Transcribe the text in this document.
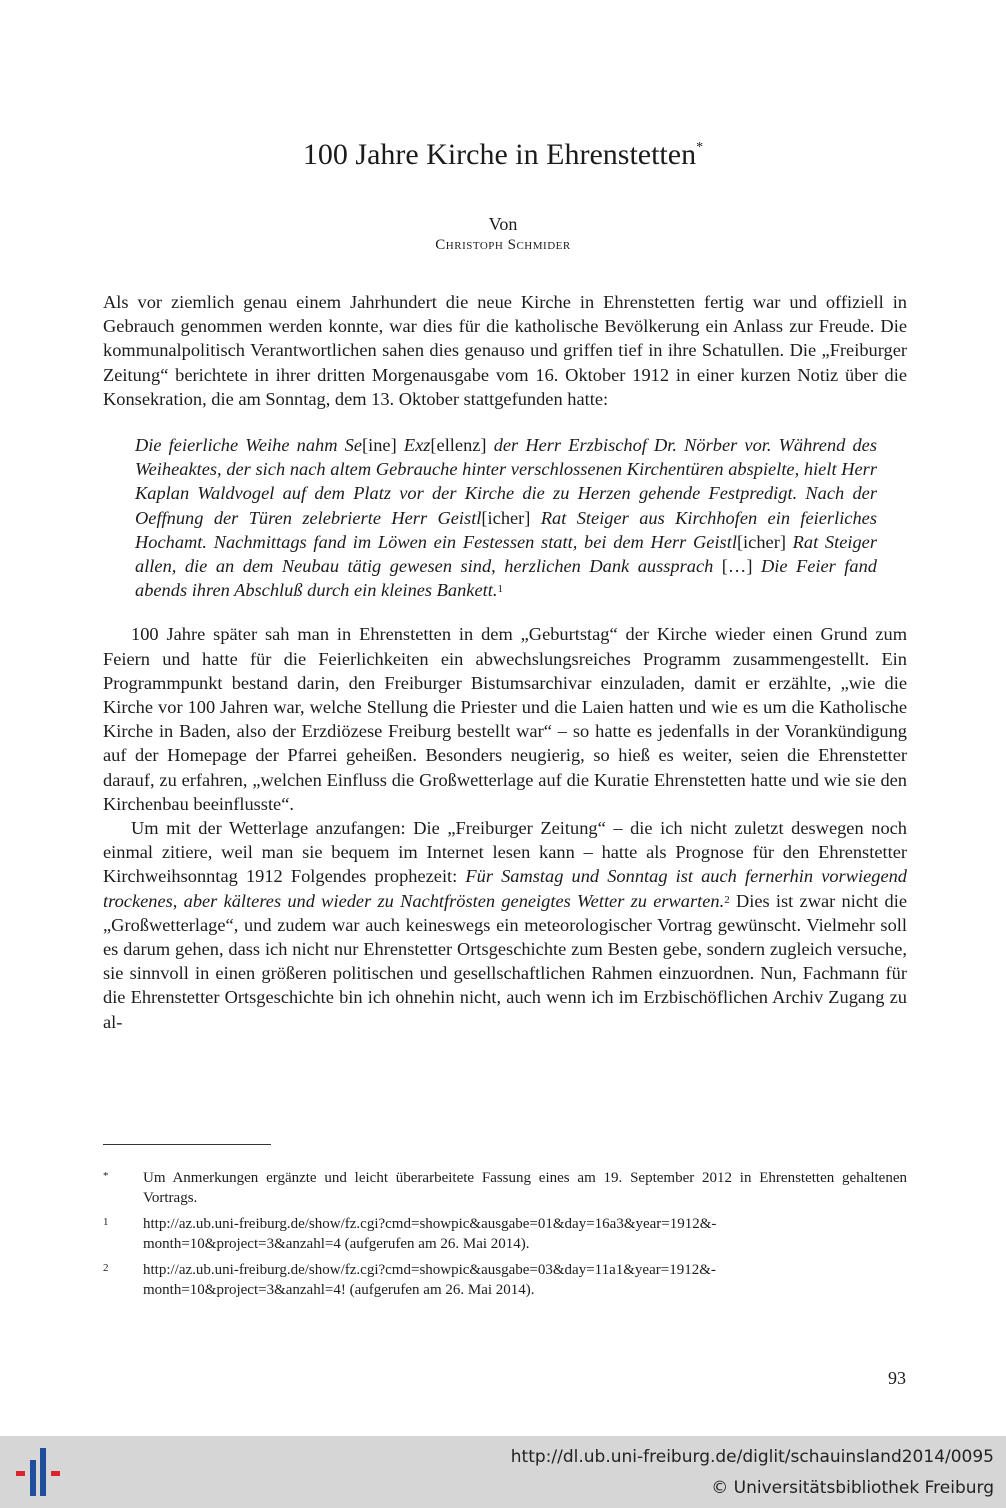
100 Jahre Kirche in Ehrenstetten*
Von
Christoph Schmider

Als vor ziemlich genau einem Jahrhundert die neue Kirche in Ehrenstetten fertig war und offiziell in Gebrauch genommen werden konnte, war dies für die katholische Bevölkerung ein Anlass zur Freude. Die kommunalpolitisch Verantwortlichen sahen dies genauso und griffen tief in ihre Schatullen. Die „Freiburger Zeitung“ berichtete in ihrer dritten Morgenausgabe vom 16. Oktober 1912 in einer kurzen Notiz über die Konsekration, die am Sonntag, dem 13. Oktober stattgefunden hatte:

Die feierliche Weihe nahm Se[ine] Exz[ellenz] der Herr Erzbischof Dr. Nörber vor. Während des Weiheaktes, der sich nach altem Gebrauche hinter verschlossenen Kirchentüren abspielte, hielt Herr Kaplan Waldvogel auf dem Platz vor der Kirche die zu Herzen gehende Festpredigt. Nach der Oeffnung der Türen zelebrierte Herr Geistl[icher] Rat Steiger aus Kirchhofen ein feierliches Hochamt. Nachmittags fand im Löwen ein Festessen statt, bei dem Herr Geistl[icher] Rat Steiger allen, die an dem Neubau tätig gewesen sind, herzlichen Dank aussprach […] Die Feier fand abends ihren Abschluß durch ein kleines Bankett.$^1$

100 Jahre später sah man in Ehrenstetten in dem „Geburtstag“ der Kirche wieder einen Grund zum Feiern und hatte für die Feierlichkeiten ein abwechslungsreiches Programm zusammengestellt. Ein Programmpunkt bestand darin, den Freiburger Bistumsarchivar einzuladen, damit er erzählte, „wie die Kirche vor 100 Jahren war, welche Stellung die Priester und die Laien hatten und wie es um die Katholische Kirche in Baden, also der Erzdiözese Freiburg bestellt war“ – so hatte es jedenfalls in der Vorankündigung auf der Homepage der Pfarrei geheißen. Besonders neugierig, so hieß es weiter, seien die Ehrenstetter darauf, zu erfahren, „welchen Einfluss die Großwetterlage auf die Kuratie Ehrenstetten hatte und wie sie den Kirchenbau beeinflusste“.

Um mit der Wetterlage anzufangen: Die „Freiburger Zeitung“ – die ich nicht zuletzt deswegen noch einmal zitiere, weil man sie bequem im Internet lesen kann – hatte als Prognose für den Ehrenstetter Kirchweihsonntag 1912 Folgendes prophezeit: Für Samstag und Sonntag ist auch fernerhin vorwiegend trockenes, aber kälteres und wieder zu Nachtfrösten geneigtes Wetter zu erwarten.$^2$ Dies ist zwar nicht die „Großwetterlage“, und zudem war auch keineswegs ein meteorologischer Vortrag gewünscht. Vielmehr soll es darum gehen, dass ich nicht nur Ehrenstetter Ortsgeschichte zum Besten gebe, sondern zugleich versuche, sie sinnvoll in einen größeren politischen und gesellschaftlichen Rahmen einzuordnen. Nun, Fachmann für die Ehrenstetter Ortsgeschichte bin ich ohnehin nicht, auch wenn ich im Erzbischöflichen Archiv Zugang zu al-

* Um Anmerkungen ergänzte und leicht überarbeitete Fassung eines am 19. September 2012 in Ehrenstetten gehaltenen Vortrags.
1 http://az.ub.uni-freiburg.de/show/fz.cgi?cmd=showpic&ausgabe=01&day=16a3&year=1912&-month=10&project=3&anzahl=4 (aufgerufen am 26. Mai 2014).
2 http://az.ub.uni-freiburg.de/show/fz.cgi?cmd=showpic&ausgabe=03&day=11a1&year=1912&-month=10&project=3&anzahl=4! (aufgerufen am 26. Mai 2014).
93
http://dl.ub.uni-freiburg.de/diglit/schauinsland2014/0095
© Universitätsbibliothek Freiburg
